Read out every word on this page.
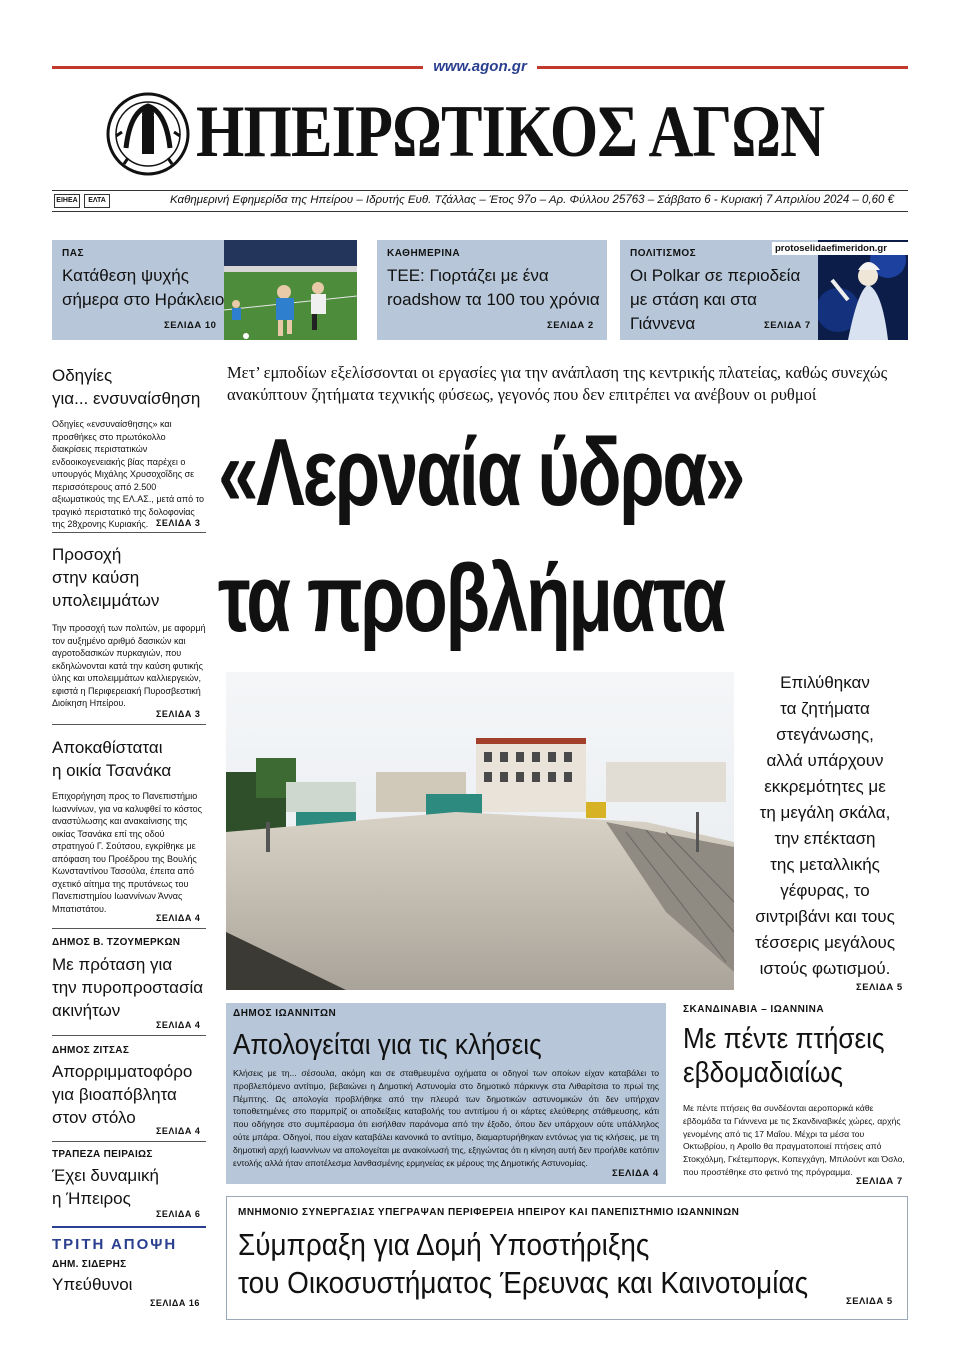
www.agon.gr
ΗΠΕΙΡΩΤΙΚΟΣ ΑΓΩΝ
ΕΙΗΕΑ	ΕΛΤΑ	Καθημερινή Εφημερίδα της Ηπείρου – Ιδρυτής Ευθ. Τζάλλας – Έτος 97ο – Αρ. Φύλλου 25763 – Σάββατο 6 - Κυριακή 7 Απριλίου 2024 – 0,60 €
ΠΑΣ
Κατάθεση ψυχής
σήμερα στο Ηράκλειο
ΣΕΛΙΔΑ 10
ΚΑΘΗΜΕΡΙΝΑ
ΤΕΕ: Γιορτάζει με ένα
roadshow τα 100 του χρόνια
ΣΕΛΙΔΑ 2
ΠΟΛΙΤΙΣΜΟΣ
Οι Polkar σε περιοδεία
με στάση και στα Γιάννενα	ΣΕΛΙΔΑ 7
protoselidaefimeridon.gr
Οδηγίες
για... ενσυναίσθηση
Οδηγίες «ενσυναίσθησης» και προσθήκες στο πρωτόκολλο διακρίσεις περιστατικών ενδοοικογενειακής βίας παρέχει ο υπουργός Μιχάλης Χρυσοχοΐδης σε περισσότερους από 2.500 αξιωματικούς της ΕΛ.ΑΣ., μετά από το τραγικό περιστατικό της δολοφονίας της 28χρονης Κυριακής. ΣΕΛΙΔΑ 3
Προσοχή
στην καύση
υπολειμμάτων
Την προσοχή των πολιτών, με αφορμή τον αυξημένο αριθμό δασικών και αγροτοδασικών πυρκαγιών, που εκδηλώνονται κατά την καύση φυτικής ύλης και υπολειμμάτων καλλιεργειών, εφιστά η Περιφερειακή Πυροσβεστική Διοίκηση Ηπείρου.
ΣΕΛΙΔΑ 3
Αποκαθίσταται
η οικία Τσανάκα
Επιχορήγηση προς το Πανεπιστήμιο Ιωαννίνων, για να καλυφθεί το κόστος αναστύλωσης και ανακαίνισης της οικίας Τσανάκα επί της οδού στρατηγού Γ. Σούτσου, εγκρίθηκε με απόφαση του Προέδρου της Βουλής Κωνσταντίνου Τασούλα, έπειτα από σχετικό αίτημα της πρυτάνεως του Πανεπιστημίου Ιωαννίνων Άννας Μπατιστάτου.
ΣΕΛΙΔΑ 4
ΔΗΜΟΣ Β. ΤΖΟΥΜΕΡΚΩΝ
Με πρόταση για
την πυροπροστασία
ακινήτων
ΣΕΛΙΔΑ 4
ΔΗΜΟΣ ΖΙΤΣΑΣ
Απορριμματοφόρο
για βιοαπόβλητα
στον στόλο
ΣΕΛΙΔΑ 4
ΤΡΑΠΕΖΑ ΠΕΙΡΑΙΩΣ
Έχει δυναμική
η Ήπειρος
ΣΕΛΙΔΑ 6
ΤΡΙΤΗ ΑΠΟΨΗ
ΔΗΜ. ΣΙΔΕΡΗΣ
Υπεύθυνοι
ΣΕΛΙΔΑ 16
Μετ’ εμποδίων εξελίσσονται οι εργασίες για την ανάπλαση της κεντρικής πλατείας, καθώς συνεχώς ανακύπτουν ζητήματα τεχνικής φύσεως, γεγονός που δεν επιτρέπει να ανέβουν οι ρυθμοί
«Λερναία ύδρα»
τα προβλήματα
Επιλύθηκαν
τα ζητήματα
στεγάνωσης,
αλλά υπάρχουν
εκκρεμότητες με
τη μεγάλη σκάλα,
την επέκταση
της μεταλλικής
γέφυρας, το
σιντριβάνι και τους
τέσσερις μεγάλους
ιστούς φωτισμού.
ΣΕΛΙΔΑ 5
ΔΗΜΟΣ ΙΩΑΝΝΙΤΩΝ
Απολογείται για τις κλήσεις
Κλήσεις με τη... σέσουλα, ακόμη και σε σταθμευμένα οχήματα οι οδηγοί των οποίων είχαν καταβάλει το προβλεπόμενο αντίτιμο, βεβαιώνει η Δημοτική Αστυνομία στο δημοτικό πάρκινγκ στα Λιθαρίτσια το πρωί της Πέμπτης. Ως απολογία προβλήθηκε από την πλευρά των δημοτικών αστυνομικών ότι δεν υπήρχαν τοποθετημένες στο παρμπρίζ οι αποδείξεις καταβολής του αντιτίμου ή οι κάρτες ελεύθερης στάθμευσης, κάτι που οδήγησε στο συμπέρασμα ότι εισήλθαν παράνομα από την έξοδο, όπου δεν υπάρχουν ούτε υπάλληλος ούτε μπάρα. Οδηγοί, που είχαν καταβάλει κανονικά το αντίτιμο, διαμαρτυρήθηκαν εντόνως για τις κλήσεις, με τη δημοτική αρχή Ιωαννίνων να απολογείται με ανακοίνωσή της, εξηγώντας ότι η κίνηση αυτή δεν προήλθε κατόπιν εντολής αλλά ήταν αποτέλεσμα λανθασμένης ερμηνείας εκ μέρους της Δημοτικής Αστυνομίας.
ΣΕΛΙΔΑ 4
ΣΚΑΝΔΙΝΑΒΙΑ – ΙΩΑΝΝΙΝΑ
Με πέντε πτήσεις
εβδομαδιαίως
Με πέντε πτήσεις θα συνδέονται αεροπορικά κάθε εβδομάδα τα Γιάννενα με τις Σκανδιναβικές χώρες, αρχής γενομένης από τις 17 Μαΐου. Μέχρι τα μέσα του Οκτωβρίου, η Apollo θα πραγματοποιεί πτήσεις από Στοκχόλμη, Γκέτεμποργκ, Κοπεγχάγη, Μπιλούντ και Όσλο, που προστέθηκε στο φετινό της πρόγραμμα.
ΣΕΛΙΔΑ 7
ΜΝΗΜΟΝΙΟ ΣΥΝΕΡΓΑΣΙΑΣ ΥΠΕΓΡΑΨΑΝ ΠΕΡΙΦΕΡΕΙΑ ΗΠΕΙΡΟΥ ΚΑΙ ΠΑΝΕΠΙΣΤΗΜΙΟ ΙΩΑΝΝΙΝΩΝ
Σύμπραξη για Δομή Υποστήριξης
του Οικοσυστήματος Έρευνας και Καινοτομίας
ΣΕΛΙΔΑ 5
